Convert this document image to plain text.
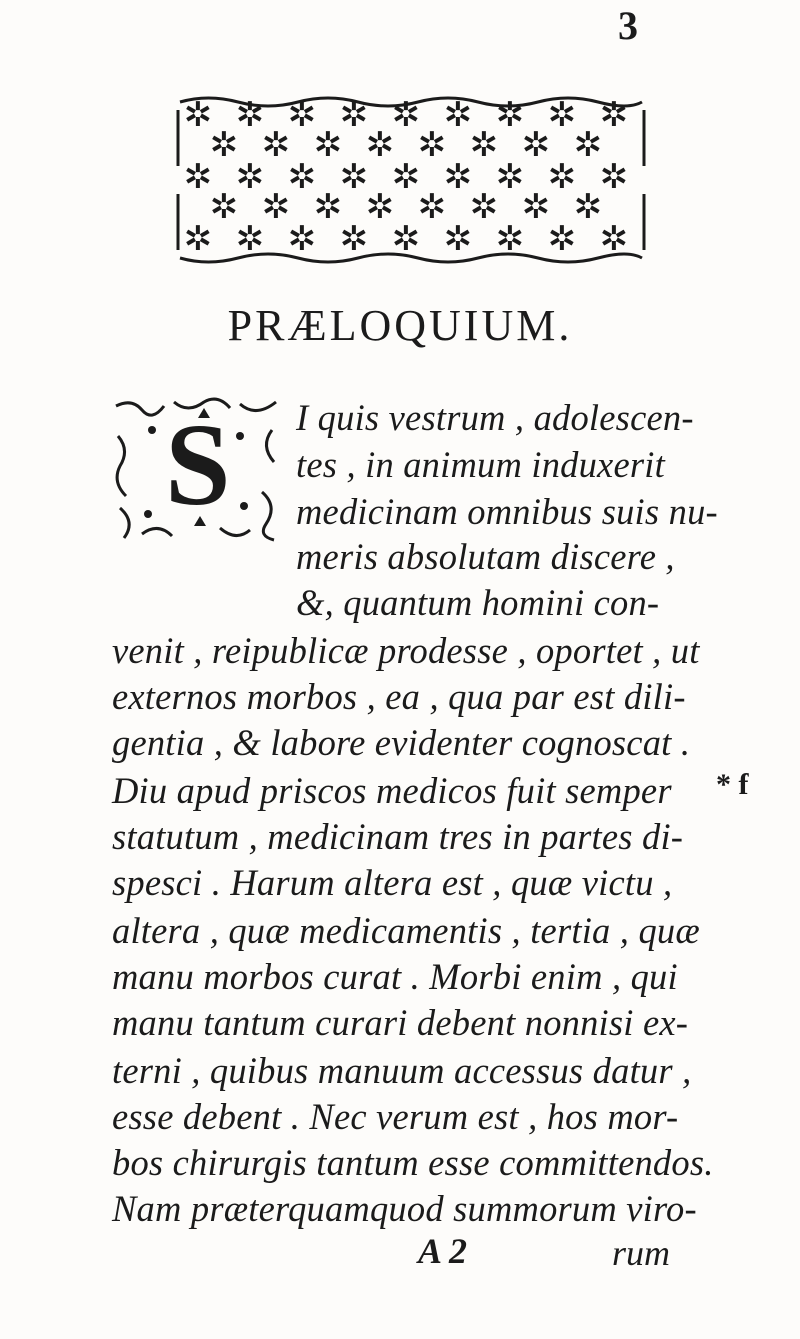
3
✲ ✲ ✲ ✲ ✲ ✲ ✲ ✲ ✲
✲ ✲ ✲ ✲ ✲ ✲ ✲ ✲
✲ ✲ ✲ ✲ ✲ ✲ ✲ ✲ ✲
✲ ✲ ✲ ✲ ✲ ✲ ✲ ✲
✲ ✲ ✲ ✲ ✲ ✲ ✲ ✲ ✲
PRÆLOQUIUM.
S I quis vestrum , adolescen-
tes , in animum induxerit
medicinam omnibus suis nu-
meris absolutam discere ,
&, quantum homini con-
venit , reipublicæ prodesse , oportet , ut
externos morbos , ea , qua par est dili-
gentia , & labore evidenter cognoscat .
Diu apud priscos medicos fuit semper
statutum , medicinam tres in partes di-
spesci . Harum altera est , quæ victu ,
altera , quæ medicamentis , tertia , quæ
manu morbos curat . Morbi enim , qui
manu tantum curari debent nonnisi ex-
terni , quibus manuum accessus datur ,
esse debent . Nec verum est , hos mor-
bos chirurgis tantum esse committendos.
Nam præterquamquod summorum viro-
* f
A 2	rum
